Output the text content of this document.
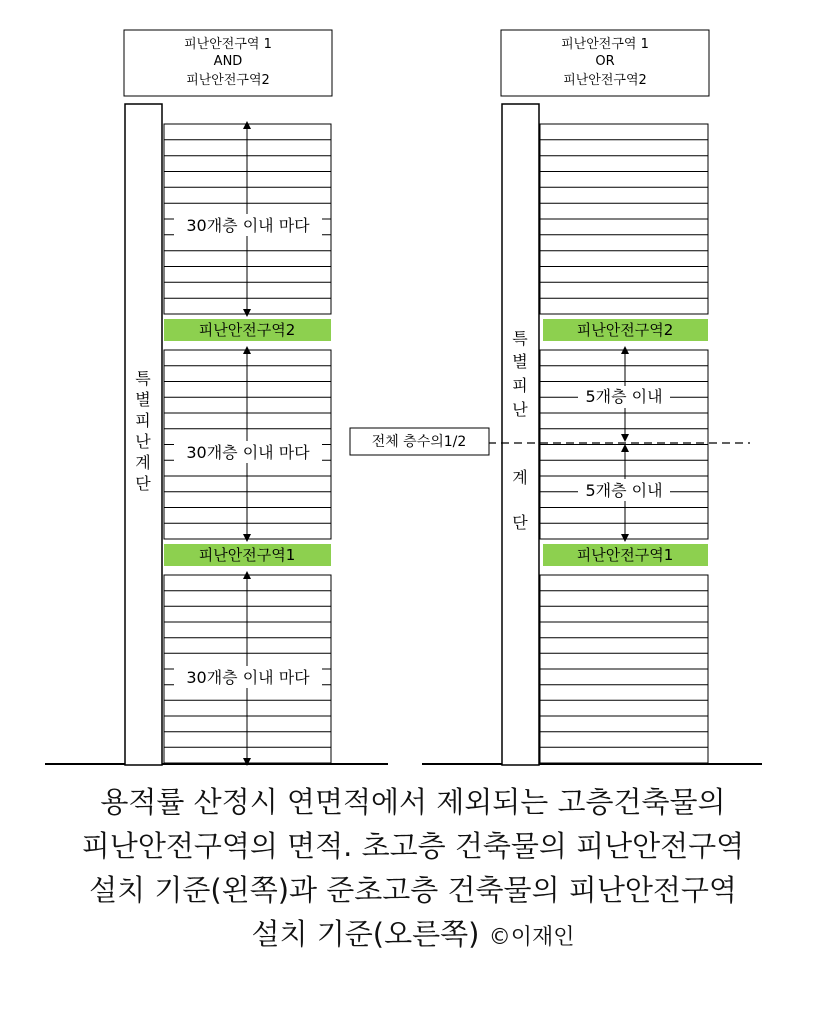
피난안전구역 1
AND
피난안전구역2
특
별
피
난
계
단
피난안전구역2
피난안전구역1
30개층 이내 마다
30개층 이내 마다
30개층 이내 마다
피난안전구역 1
OR
피난안전구역2
특
별
피
난
계
단
피난안전구역2
피난안전구역1
전체 층수의1/2
5개층 이내
5개층 이내
용적률 산정시 연면적에서 제외되는 고층건축물의
피난안전구역의 면적. 초고층 건축물의 피난안전구역
설치 기준(왼쪽)과 준초고층 건축물의 피난안전구역
설치 기준(오른쪽) ©이재인
